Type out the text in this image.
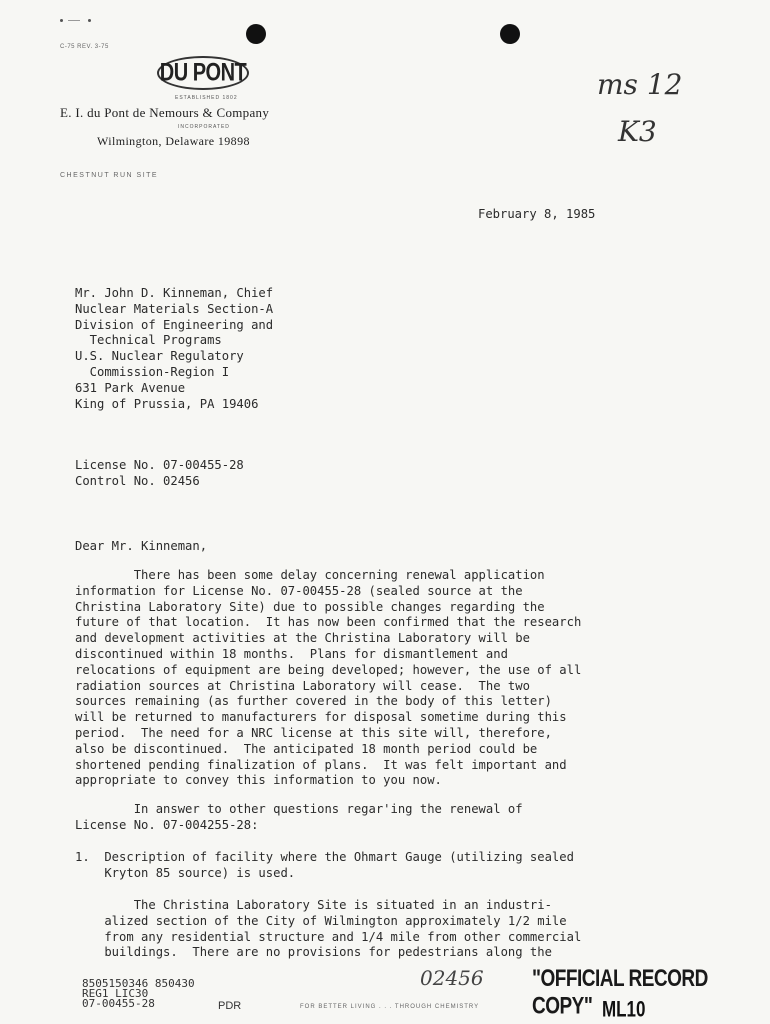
C-75 REV. 3-75
DU PONT
ESTABLISHED 1802
E. I. du Pont de Nemours & Company
INCORPORATED
Wilmington, Delaware 19898
CHESTNUT RUN SITE
ms 12
K3
February 8, 1985
Mr. John D. Kinneman, Chief
Nuclear Materials Section-A
Division of Engineering and
Technical Programs
U.S. Nuclear Regulatory
Commission-Region I
631 Park Avenue
King of Prussia, PA 19406
License No. 07-00455-28
Control No. 02456
Dear Mr. Kinneman,
There has been some delay concerning renewal application
information for License No. 07-00455-28 (sealed source at the
Christina Laboratory Site) due to possible changes regarding the
future of that location.  It has now been confirmed that the research
and development activities at the Christina Laboratory will be
discontinued within 18 months.  Plans for dismantlement and
relocations of equipment are being developed; however, the use of all
radiation sources at Christina Laboratory will cease.  The two
sources remaining (as further covered in the body of this letter)
will be returned to manufacturers for disposal sometime during this
period.  The need for a NRC license at this site will, therefore,
also be discontinued.  The anticipated 18 month period could be
shortened pending finalization of plans.  It was felt important and
appropriate to convey this information to you now.
In answer to other questions regar'ing the renewal of
License No. 07-004255-28:
1.  Description of facility where the Ohmart Gauge (utilizing sealed
Kryton 85 source) is used.
The Christina Laboratory Site is situated in an industri-
alized section of the City of Wilmington approximately 1/2 mile
from any residential structure and 1/4 mile from other commercial
buildings.  There are no provisions for pedestrians along the
8505150346 850430
REG1 LIC30
07-00455-28	PDR
02456	"OFFICIAL RECORD COPY"
FOR BETTER LIVING . . . THROUGH CHEMISTRY	ML10
